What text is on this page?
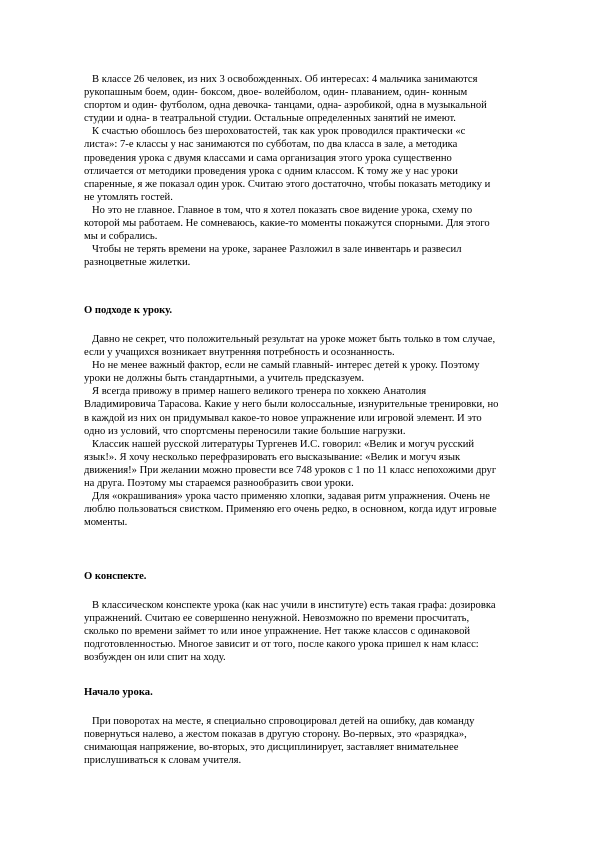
В классе 26 человек, из них 3 освобожденных. Об интересах: 4 мальчика занимаются
рукопашным боем, один- боксом, двое- волейболом, один- плаванием, один- конным
спортом и один- футболом, одна девочка- танцами, одна- аэробикой, одна в музыкальной
студии и одна- в театральной студии. Остальные определенных занятий не имеют.
К счастью обошлось без шероховатостей, так как урок проводился практически «с
листа»: 7-е классы у нас занимаются по субботам, по два класса в зале, а методика
проведения урока с двумя классами и сама организация этого урока существенно
отличается от методики проведения урока с одним классом. К тому же у нас уроки
спаренные, я же показал один урок. Считаю этого достаточно, чтобы показать методику и
не утомлять гостей.
Но это не главное. Главное в том, что я хотел показать свое видение урока, схему по
которой мы работаем. Не сомневаюсь, какие-то моменты покажутся спорными. Для этого
мы и собрались.
Чтобы не терять времени на уроке, заранее Разложил в зале инвентарь и развесил
разноцветные жилетки.
О подходе к уроку.
Давно не секрет, что положительный результат на уроке может быть только в том случае,
если у учащихся возникает внутренняя потребность и осознанность.
Но не менее важный фактор, если не самый главный- интерес детей к уроку. Поэтому
уроки не должны быть стандартными, а учитель предсказуем.
Я всегда привожу в пример нашего великого тренера по хоккею Анатолия
Владимировича Тарасова. Какие у него были колоссальные, изнурительные тренировки, но
в каждой из них он придумывал какое-то новое упражнение или игровой элемент. И это
одно из условий, что спортсмены переносили такие большие нагрузки.
Классик нашей русской литературы Тургенев И.С. говорил: «Велик и могуч русский
язык!». Я хочу несколько перефразировать его высказывание: «Велик и могуч язык
движения!» При желании можно провести все 748 уроков с 1 по 11 класс непохожими друг
на друга. Поэтому мы стараемся разнообразить свои уроки.
Для «окрашивания» урока часто применяю хлопки, задавая ритм упражнения. Очень не
люблю пользоваться свистком. Применяю его очень редко, в основном, когда идут игровые
моменты.
О конспекте.
В классическом конспекте урока (как нас учили в институте) есть такая графа: дозировка
упражнений. Считаю ее совершенно ненужной. Невозможно по времени просчитать,
сколько по времени займет то или иное упражнение. Нет также классов с одинаковой
подготовленностью. Многое зависит и от того, после какого урока пришел к нам класс:
возбужден он или спит на ходу.
Начало урока.
При поворотах на месте, я специально спровоцировал детей на ошибку, дав команду
повернуться налево, а жестом показав в другую сторону. Во-первых, это «разрядка»,
снимающая напряжение, во-вторых, это дисциплинирует, заставляет внимательнее
прислушиваться к словам учителя.
